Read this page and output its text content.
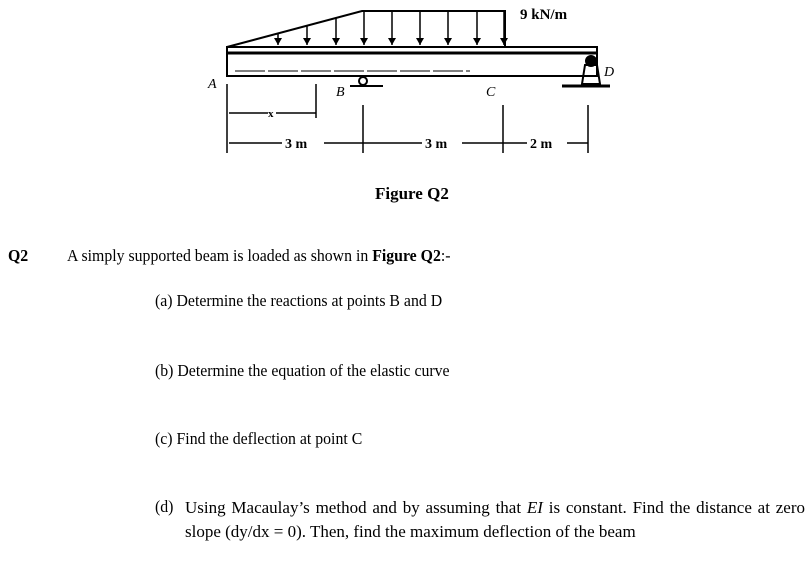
9 kN/m
A
B	C
D
x
3 m	3 m	2 m
Figure Q2
Q2 A simply supported beam is loaded as shown in Figure Q2:-
(a) Determine the reactions at points B and D
(b) Determine the equation of the elastic curve
(c) Find the deflection at point C
(d) Using Macaulay’s method and by assuming that EI is constant. Find the distance at zero slope (dy/dx = 0). Then, find the maximum deflection of the beam
